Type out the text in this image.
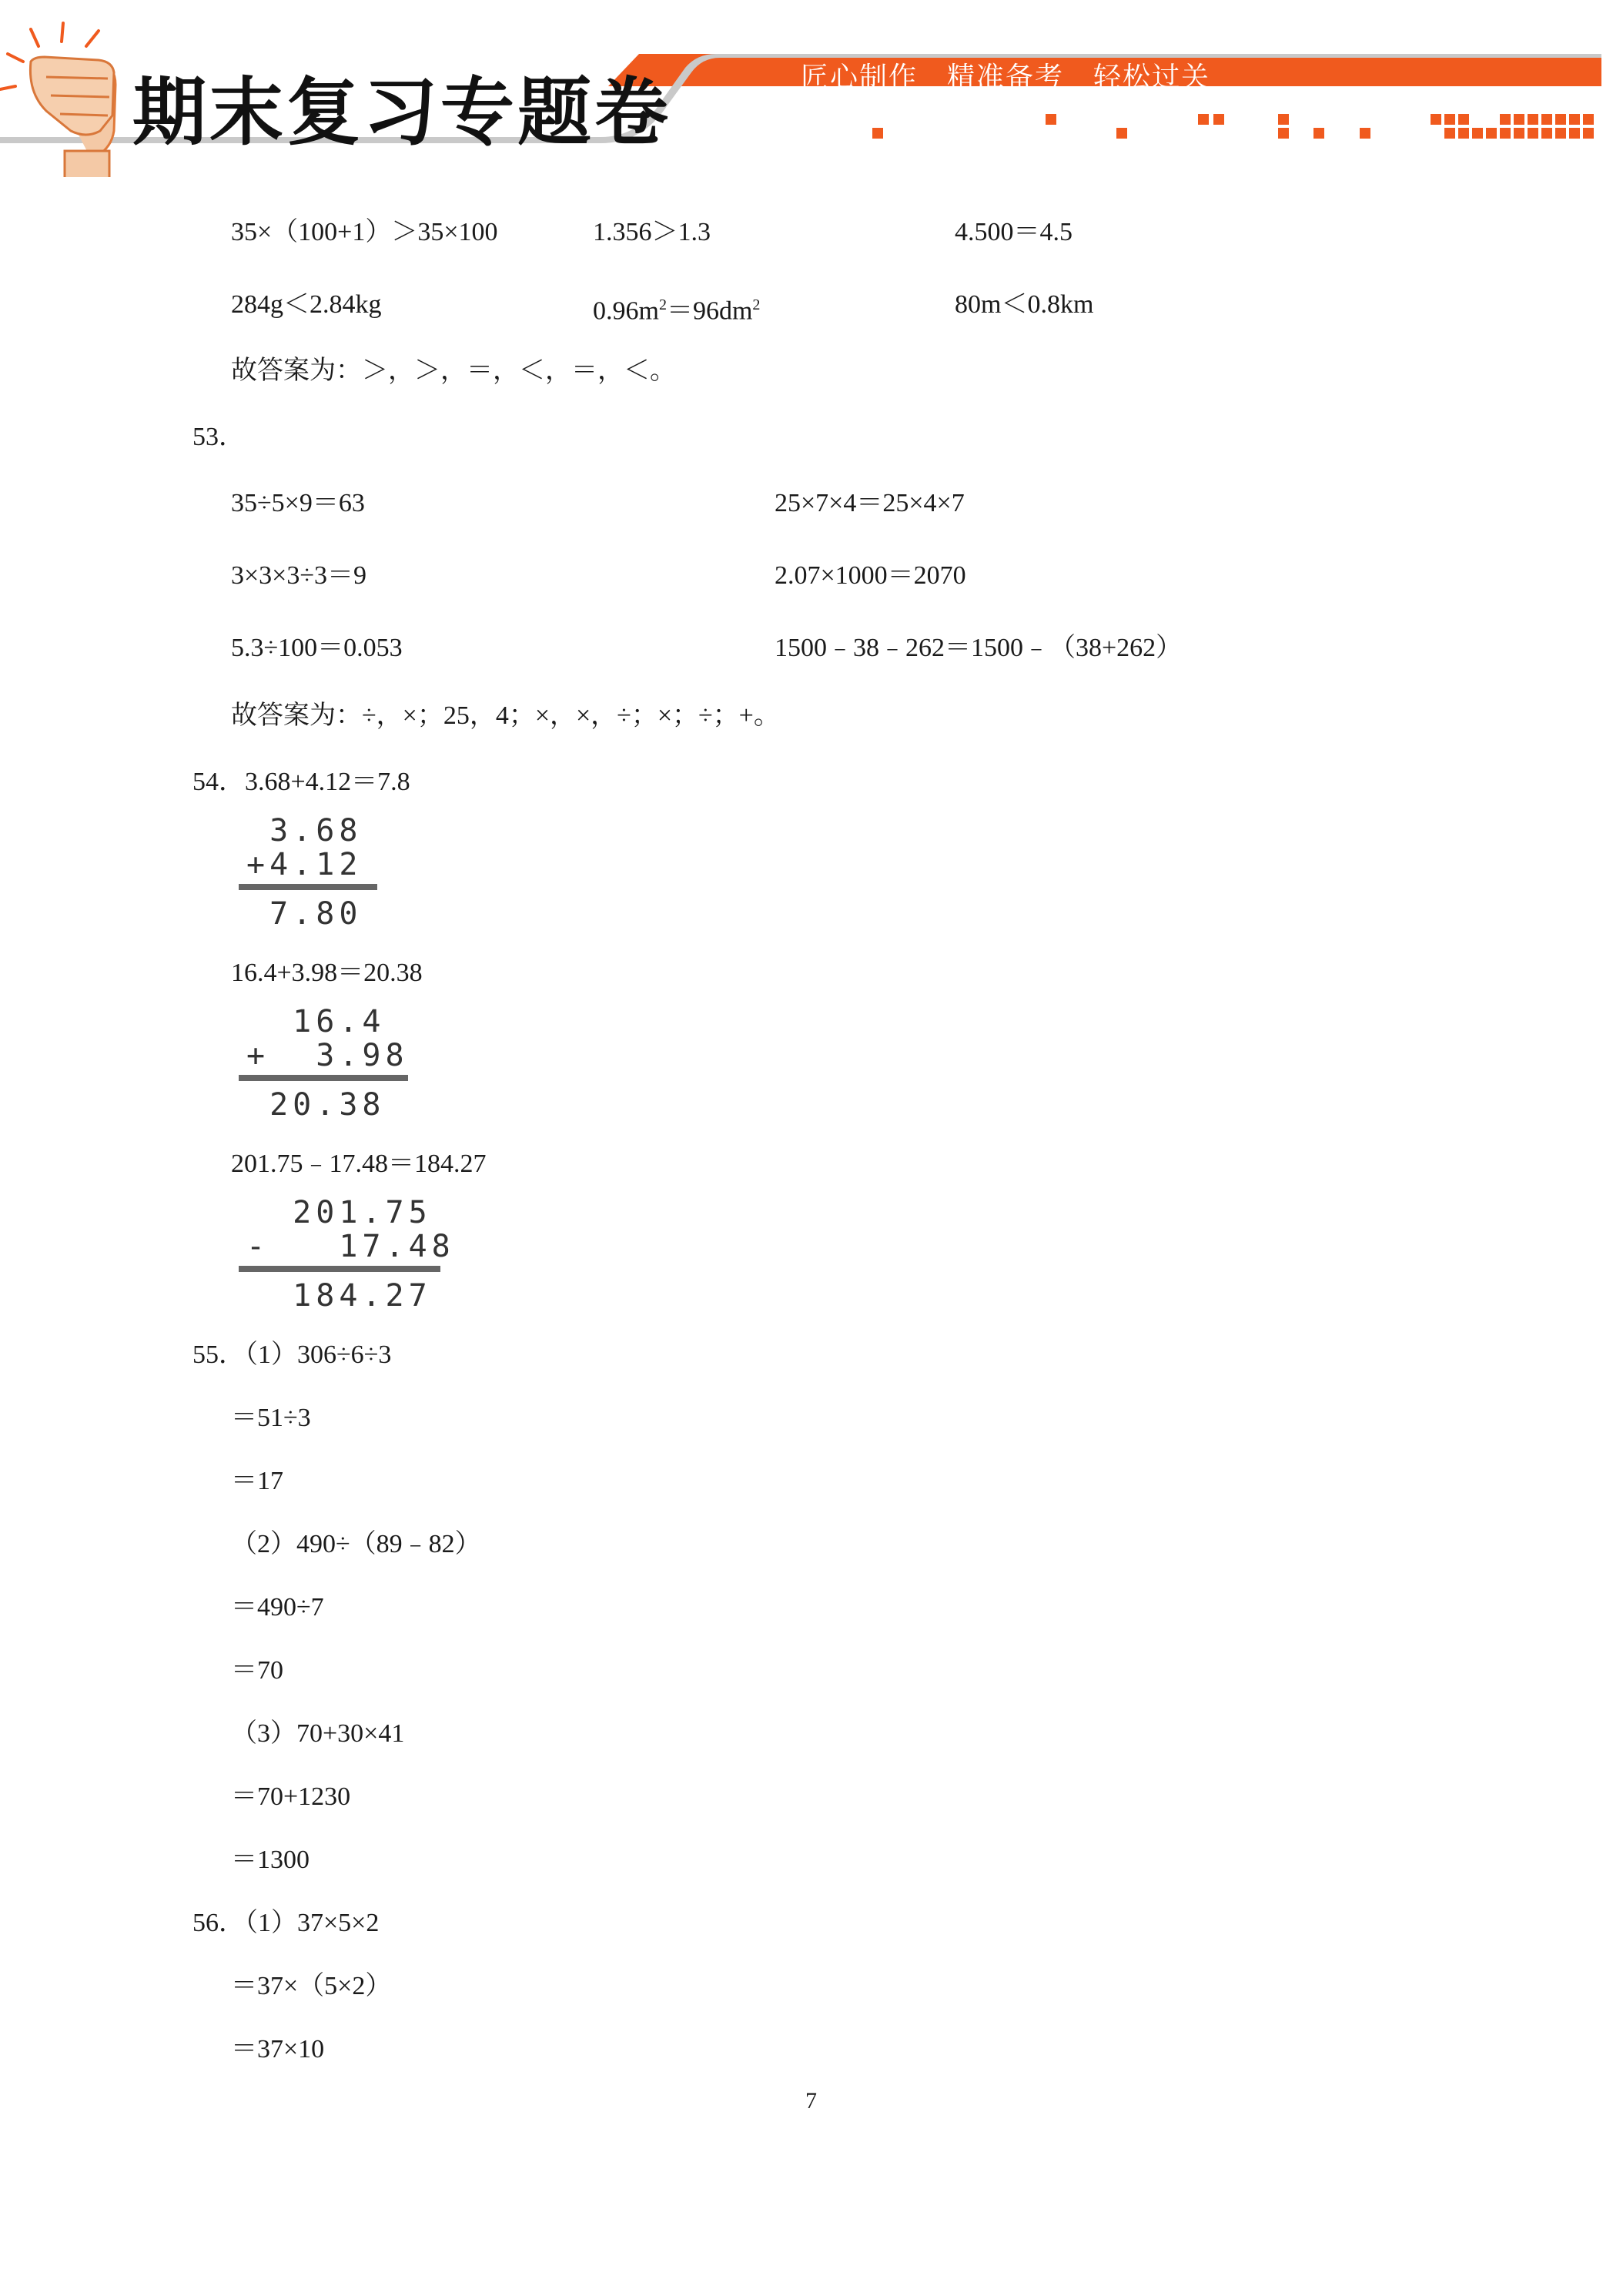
期末复习专题卷	匠心制作　精准备考　轻松过关
35×（100+1）＞35×100	1.356＞1.3	4.500＝4.5
284g＜2.84kg	$0.96m^2=96dm^2$	80m＜0.8km
故答案为：＞，＞，＝，＜，＝，＜。
53．
35÷5×9＝63	25×7×4＝25×4×7
3×3×3÷3＝9	2.07×1000＝2070
5.3÷100＝0.053	1500﹣38﹣262＝1500﹣（38+262）
故答案为：÷，×；25，4；×，×，÷；×；÷；+。
54．3.68+4.12＝7.8
3.68
+4.12
7.80
16.4+3.98＝20.38
16.4
+  3.98
20.38
201.75﹣17.48＝184.27
201.75
-   17.48
184.27
55．（1）306÷6÷3
＝51÷3
＝17
（2）490÷（89﹣82）
＝490÷7
＝70
（3）70+30×41
＝70+1230
＝1300
56．（1）37×5×2
＝37×（5×2）
＝37×10
7
